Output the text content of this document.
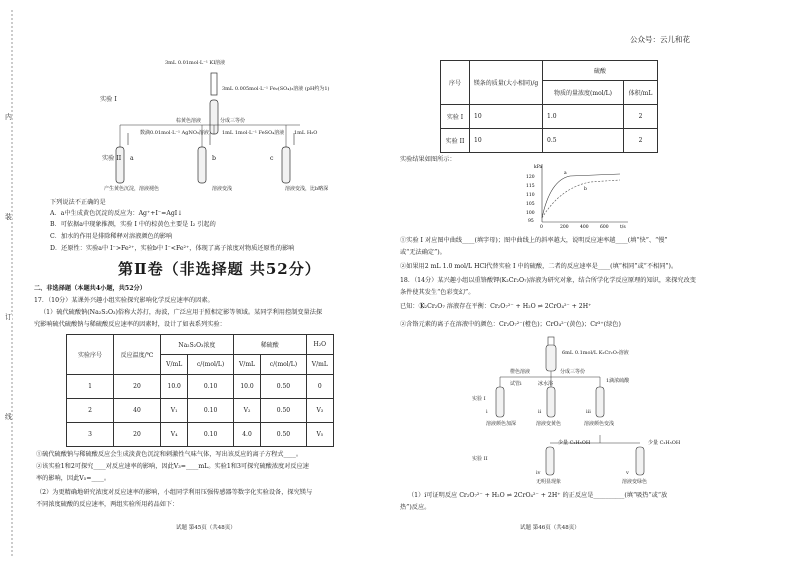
内
装
订
线
3mL 0.01mol·L⁻¹ KI溶液
3mL 0.005mol·L⁻¹ Fe₂(SO₄)₃溶液 (pH约为1)
实验 I
棕黄色溶液	分成三等份
数滴0.01mol·L⁻¹ AgNO₃溶液	1mL 1mol·L⁻¹ FeSO₄溶液 1mL H₂O
实验 II a	b	c
产生黄色沉淀，溶液褪色	溶液变浅	溶液变浅，比b略深
下列说法不正确的是
A．a中生成黄色沉淀的反应为：Ag⁺+I⁻=AgI↓
B．可依据a中现象推测，实验 I 中的棕黄色主要是 I₂ 引起的
C．加水的作用是排除稀释对溶液颜色的影响
D．还原性：实验a中 I⁻>Fe²⁺，实验b中 I⁻<Fe²⁺，体现了离子浓度对物质还原性的影响
第Ⅱ卷（非选择题 共52分）
二、非选择题（本题共4小题，共52分）
17．（10分）某课外兴趣小组实验探究影响化学反应速率的因素。
（1）硫代硫酸钠(Na₂S₂O₃)俗称大苏打，海波，广泛应用于照相定影等领域。某同学利用控制变量法探
究影响硫代硫酸钠与稀硫酸反应速率的因素时，设计了如表系列实验：
实验序号	反应温度/℃	Na₂S₂O₃浓度		稀硫酸		H₂O
		V/mL	c/(mol/L)	V/mL	c/(mol/L)	V/mL
1	20	10.0	0.10	10.0	0.50	0
2	40	V₁	0.10	V₂	0.50	V₃
3	20	V₄	0.10	4.0	0.50	V₅
①硫代硫酸钠与稀硫酸反应会生成淡黄色沉淀和刺激性气味气体，写出该反应的离子方程式____。
②该实验1和2可探究____对反应速率的影响，因此V₃=____mL。实验1和3可探究硫酸浓度对反应速
率的影响，因此V₅=____。
（2）为更精确地研究浓度对反应速率的影响，小组同学利用压强传感器等数字化实验设备，探究镁与
不同浓度硫酸的反应速率，两组实验所用药品如下：
试题 第45页（共48页）
公众号：云儿和花
序号	镁条的质量(大小相同)/g	硫酸	
		物质的量浓度(mol/L)	体积/mL
实验 I	10	1.0	2
实验 II	10	0.5	2
实验结果如图所示：
kPa
t/s
120
115
110
105
100
95
0	200	400	600
a
b
①实验 I 对应图中曲线____(填字母)；图中曲线上的斜率越大，说明反应速率越____(填“快”、“慢”
或“无法确定”)。
②如果用2 mL 1.0 mol/L HCl代替实验 I 中的硫酸，二者的反应速率是____(填“相同”或“不相同”)。
18．（14分）某兴趣小组以重铬酸钾(K₂Cr₂O₇)溶液为研究对象，结合所学化学反应原理的知识，来探究改变
条件使其发生“色彩变幻”。
已知：①
K₂Cr₂O₇ 溶液存在平衡：Cr₂O₇²⁻ + H₂O ⇌ 2CrO₄²⁻ + 2H⁺
②含铬元素的离子在溶液中的颜色：Cr₂O₇²⁻(橙色)；CrO₄²⁻(黄色)；Cr³⁺(绿色)
6mL 0.1mol/L K₂Cr₂O₇溶液
橙色溶液	分成三等份
试管i	冰水浴	1滴浓硫酸
实验 I
i	ii	iii
溶液颜色加深	溶液变黄色	溶液颜色变浅
实验 II
少量 C₂H₅OH	少量 C₂H₅OH
iv	v
无明显现象	溶液变绿色
（1）ⅰ可证明反应 Cr₂O₇²⁻ + H₂O ⇌ 2CrO₄²⁻ + 2H⁺ 的正反应是__________(填“吸热”或“放
热”)反应。
试题 第46页（共48页）
